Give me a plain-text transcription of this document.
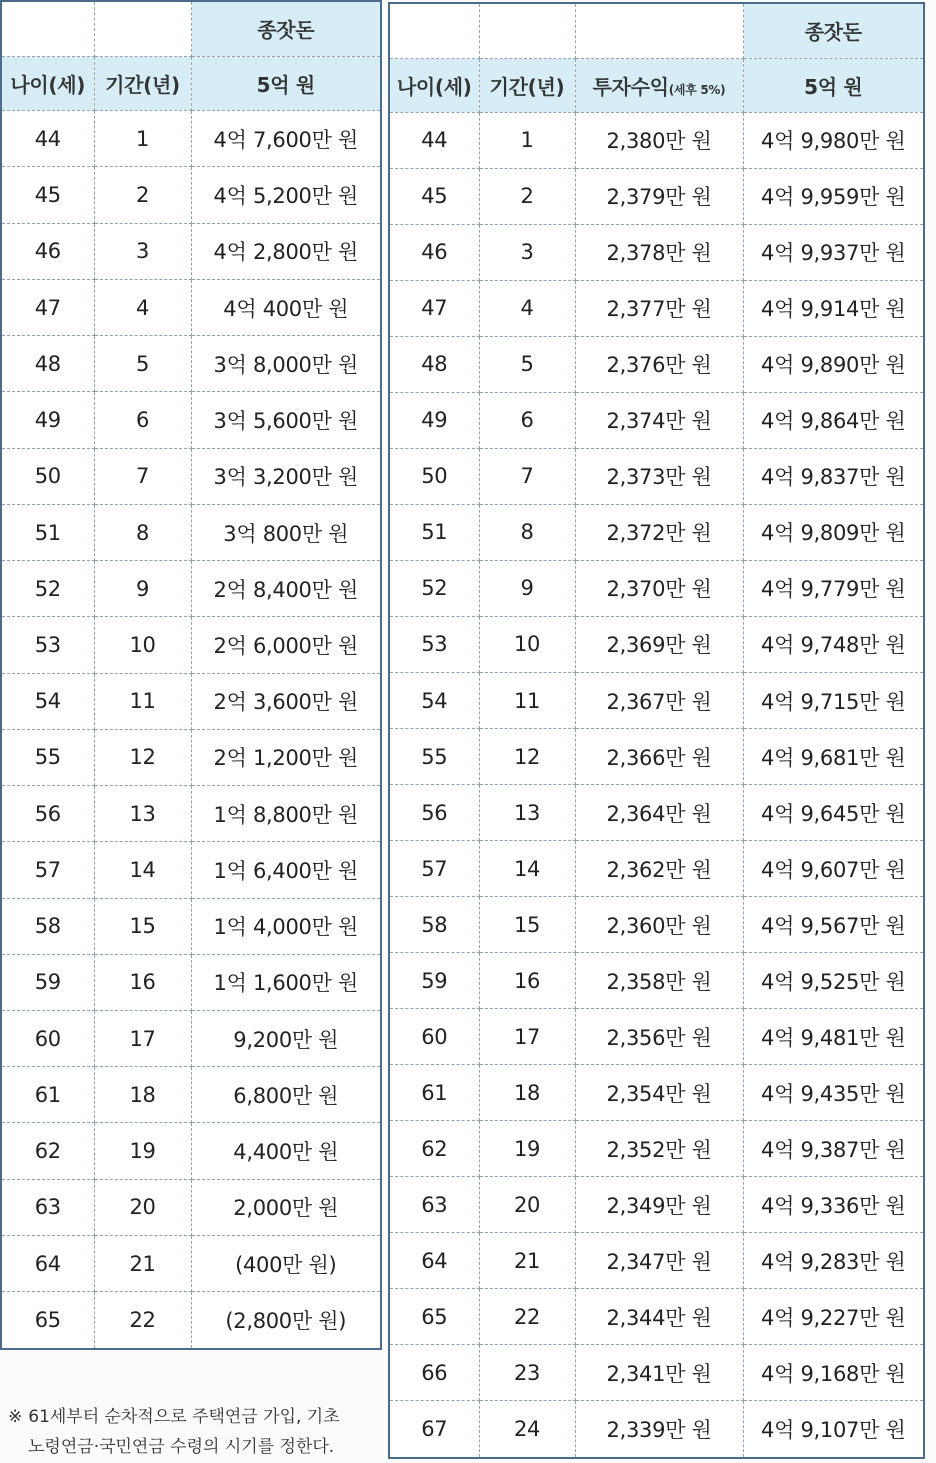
		종잣돈
나이(세)	기간(년)	5억 원
44	1	4억 7,600만 원
45	2	4억 5,200만 원
46	3	4억 2,800만 원
47	4	4억 400만 원
48	5	3억 8,000만 원
49	6	3억 5,600만 원
50	7	3억 3,200만 원
51	8	3억 800만 원
52	9	2억 8,400만 원
53	10	2억 6,000만 원
54	11	2억 3,600만 원
55	12	2억 1,200만 원
56	13	1억 8,800만 원
57	14	1억 6,400만 원
58	15	1억 4,000만 원
59	16	1억 1,600만 원
60	17	9,200만 원
61	18	6,800만 원
62	19	4,400만 원
63	20	2,000만 원
64	21	(400만 원)
65	22	(2,800만 원)
			종잣돈
나이(세)	기간(년)	투자수익(세후 5%)	5억 원
44	1	2,380만 원	4억 9,980만 원
45	2	2,379만 원	4억 9,959만 원
46	3	2,378만 원	4억 9,937만 원
47	4	2,377만 원	4억 9,914만 원
48	5	2,376만 원	4억 9,890만 원
49	6	2,374만 원	4억 9,864만 원
50	7	2,373만 원	4억 9,837만 원
51	8	2,372만 원	4억 9,809만 원
52	9	2,370만 원	4억 9,779만 원
53	10	2,369만 원	4억 9,748만 원
54	11	2,367만 원	4억 9,715만 원
55	12	2,366만 원	4억 9,681만 원
56	13	2,364만 원	4억 9,645만 원
57	14	2,362만 원	4억 9,607만 원
58	15	2,360만 원	4억 9,567만 원
59	16	2,358만 원	4억 9,525만 원
60	17	2,356만 원	4억 9,481만 원
61	18	2,354만 원	4억 9,435만 원
62	19	2,352만 원	4억 9,387만 원
63	20	2,349만 원	4억 9,336만 원
64	21	2,347만 원	4억 9,283만 원
65	22	2,344만 원	4억 9,227만 원
66	23	2,341만 원	4억 9,168만 원
67	24	2,339만 원	4억 9,107만 원
※ 61세부터 순차적으로 주택연금 가입, 기초
노령연금·국민연금 수령의 시기를 정한다.
